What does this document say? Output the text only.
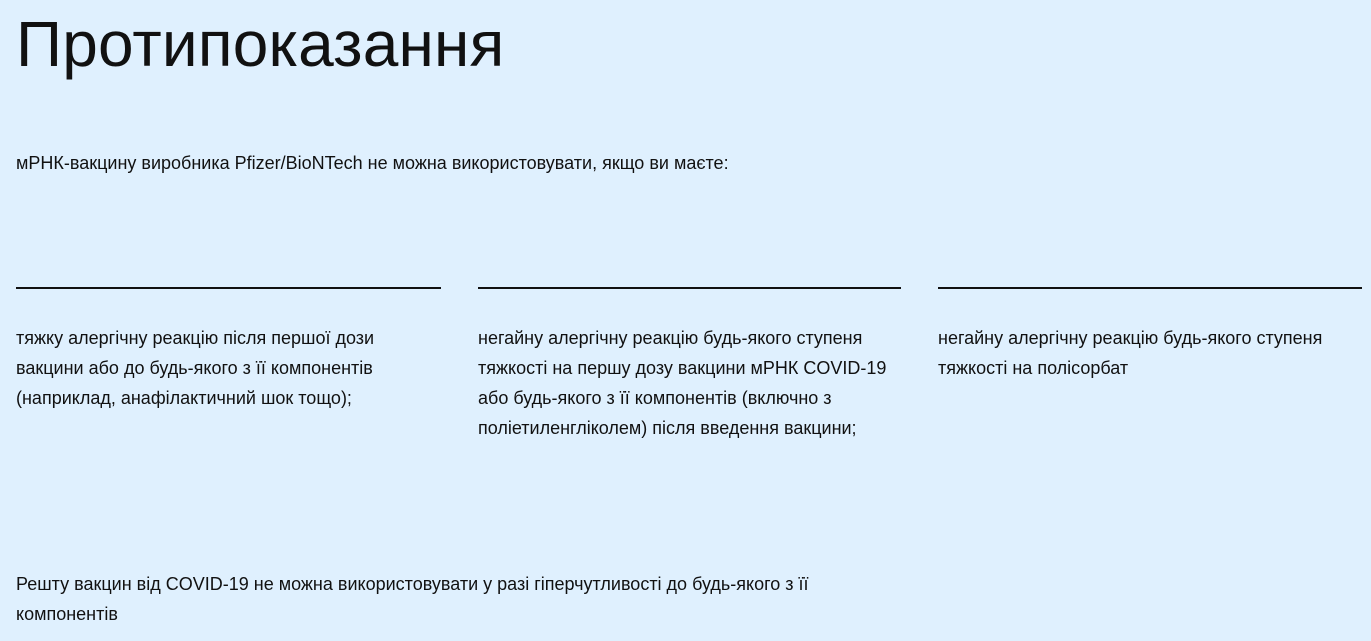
Протипоказання

мРНК-вакцину виробника Pfizer/BioNTech не можна використовувати, якщо ви маєте:

тяжку алергічну реакцію після першої дози вакцини або до будь-якого з її компонентів (наприклад, анафілактичний шок тощо);

негайну алергічну реакцію будь-якого ступеня тяжкості на першу дозу вакцини мРНК COVID-19 або будь-якого з її компонентів (включно з поліетиленгліколем) після введення вакцини;

негайну алергічну реакцію будь-якого ступеня тяжкості на полісорбат

Решту вакцин від COVID-19 не можна використовувати у разі гіперчутливості до будь-якого з її компонентів
